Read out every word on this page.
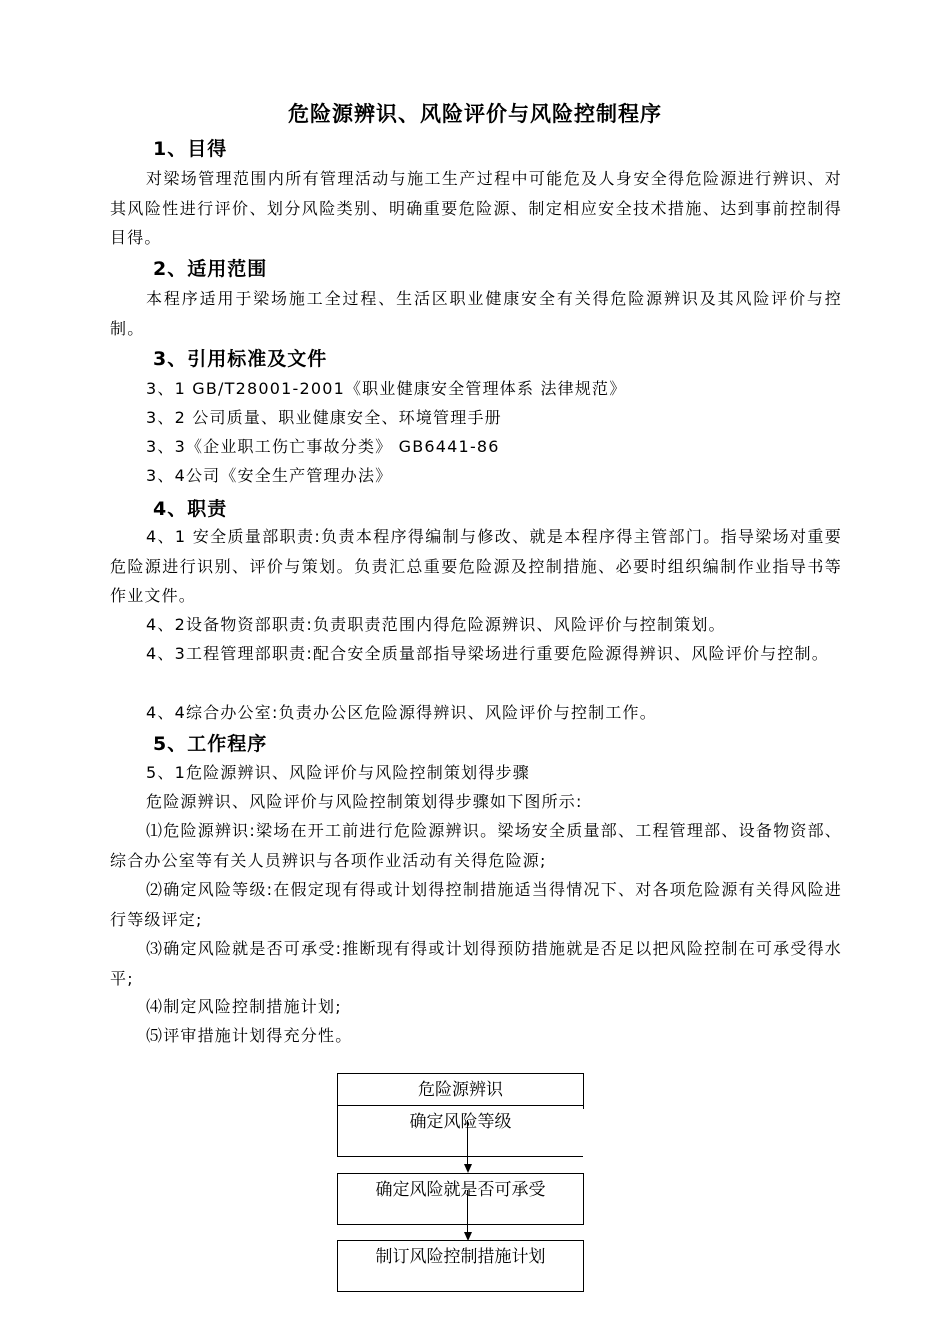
危险源辨识、风险评价与风险控制程序
1、目得
对梁场管理范围内所有管理活动与施工生产过程中可能危及人身安全得危险源进行辨识、对其风险性进行评价、划分风险类别、明确重要危险源、制定相应安全技术措施、达到事前控制得目得。
2、适用范围
本程序适用于梁场施工全过程、生活区职业健康安全有关得危险源辨识及其风险评价与控制。
3、引用标准及文件
3、1 GB/T28001-2001《职业健康安全管理体系 法律规范》
3、2 公司质量、职业健康安全、环境管理手册
3、3《企业职工伤亡事故分类》 GB6441-86
3、4公司《安全生产管理办法》
4、职责
4、1 安全质量部职责:负责本程序得编制与修改、就是本程序得主管部门。指导梁场对重要危险源进行识别、评价与策划。负责汇总重要危险源及控制措施、必要时组织编制作业指导书等作业文件。
4、2设备物资部职责:负责职责范围内得危险源辨识、风险评价与控制策划。
4、3工程管理部职责:配合安全质量部指导梁场进行重要危险源得辨识、风险评价与控制。
4、4综合办公室:负责办公区危险源得辨识、风险评价与控制工作。
5、工作程序
5、1危险源辨识、风险评价与风险控制策划得步骤
危险源辨识、风险评价与风险控制策划得步骤如下图所示:
⑴危险源辨识:梁场在开工前进行危险源辨识。梁场安全质量部、工程管理部、设备物资部、综合办公室等有关人员辨识与各项作业活动有关得危险源;
⑵确定风险等级:在假定现有得或计划得控制措施适当得情况下、对各项危险源有关得风险进行等级评定;
⑶确定风险就是否可承受:推断现有得或计划得预防措施就是否足以把风险控制在可承受得水平;
⑷制定风险控制措施计划;
⑸评审措施计划得充分性。
危险源辨识
确定风险等级
确定风险就是否可承受
制订风险控制措施计划
